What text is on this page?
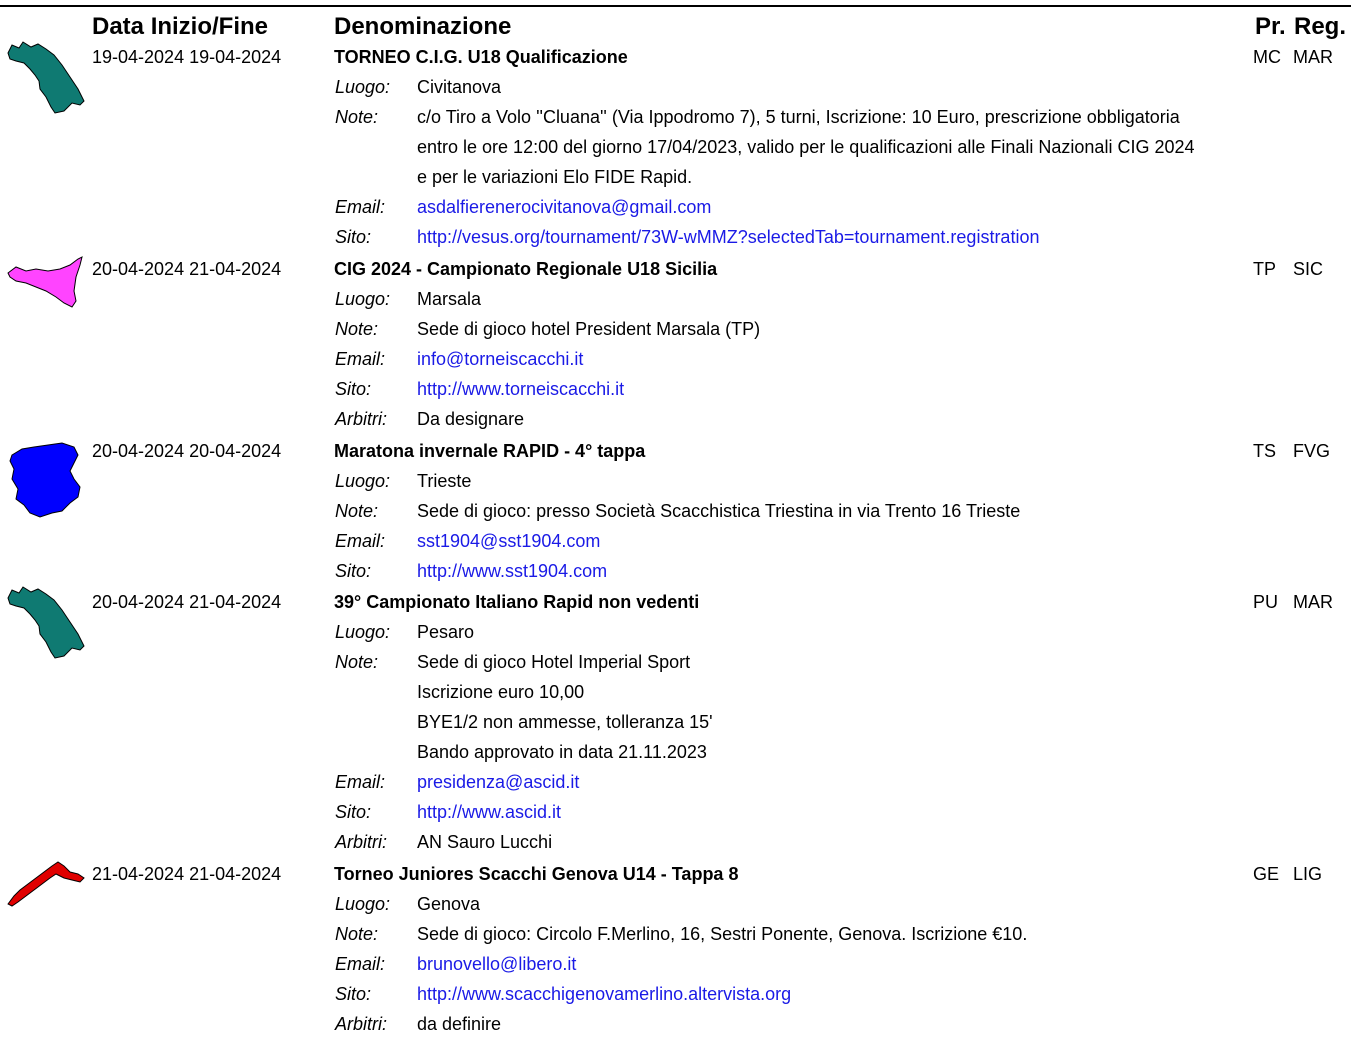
Data Inizio/Fine	Denominazione	Pr. Reg.
19-04-2024 19-04-2024	TORNEO C.I.G. U18 Qualificazione	MC MAR
Luogo: Civitanova
Note: c/o Tiro a Volo ''Cluana'' (Via Ippodromo 7), 5 turni, Iscrizione: 10 Euro, prescrizione obbligatoria
entro le ore 12:00 del giorno 17/04/2023, valido per le qualificazioni alle Finali Nazionali CIG 2024
e per le variazioni Elo FIDE Rapid.
Email: asdalfierenerocivitanova@gmail.com
Sito:	http://vesus.org/tournament/73W-wMMZ?selectedTab=tournament.registration
20-04-2024 21-04-2024	CIG 2024 - Campionato Regionale U18 Sicilia	TP SIC
Luogo: Marsala
Note: Sede di gioco hotel President Marsala (TP)
Email: info@torneiscacchi.it
Sito:	http://www.torneiscacchi.it
Arbitri: Da designare
20-04-2024 20-04-2024	Maratona invernale RAPID - 4° tappa	TS FVG
Luogo: Trieste
Note: Sede di gioco: presso Società Scacchistica Triestina in via Trento 16 Trieste
Email: sst1904@sst1904.com
Sito:	http://www.sst1904.com
20-04-2024 21-04-2024	39° Campionato Italiano Rapid non vedenti	PU MAR
Luogo: Pesaro
Note: Sede di gioco Hotel Imperial Sport
Iscrizione euro 10,00
BYE1/2 non ammesse, tolleranza 15'
Bando approvato in data 21.11.2023
Email: presidenza@ascid.it
Sito:	http://www.ascid.it
Arbitri: AN Sauro Lucchi
21-04-2024 21-04-2024	Torneo Juniores Scacchi Genova U14 - Tappa 8	GE LIG
Luogo: Genova
Note: Sede di gioco: Circolo F.Merlino, 16, Sestri Ponente, Genova. Iscrizione €10.
Email: brunovello@libero.it
Sito:	http://www.scacchigenovamerlino.altervista.org
Arbitri: da definire
